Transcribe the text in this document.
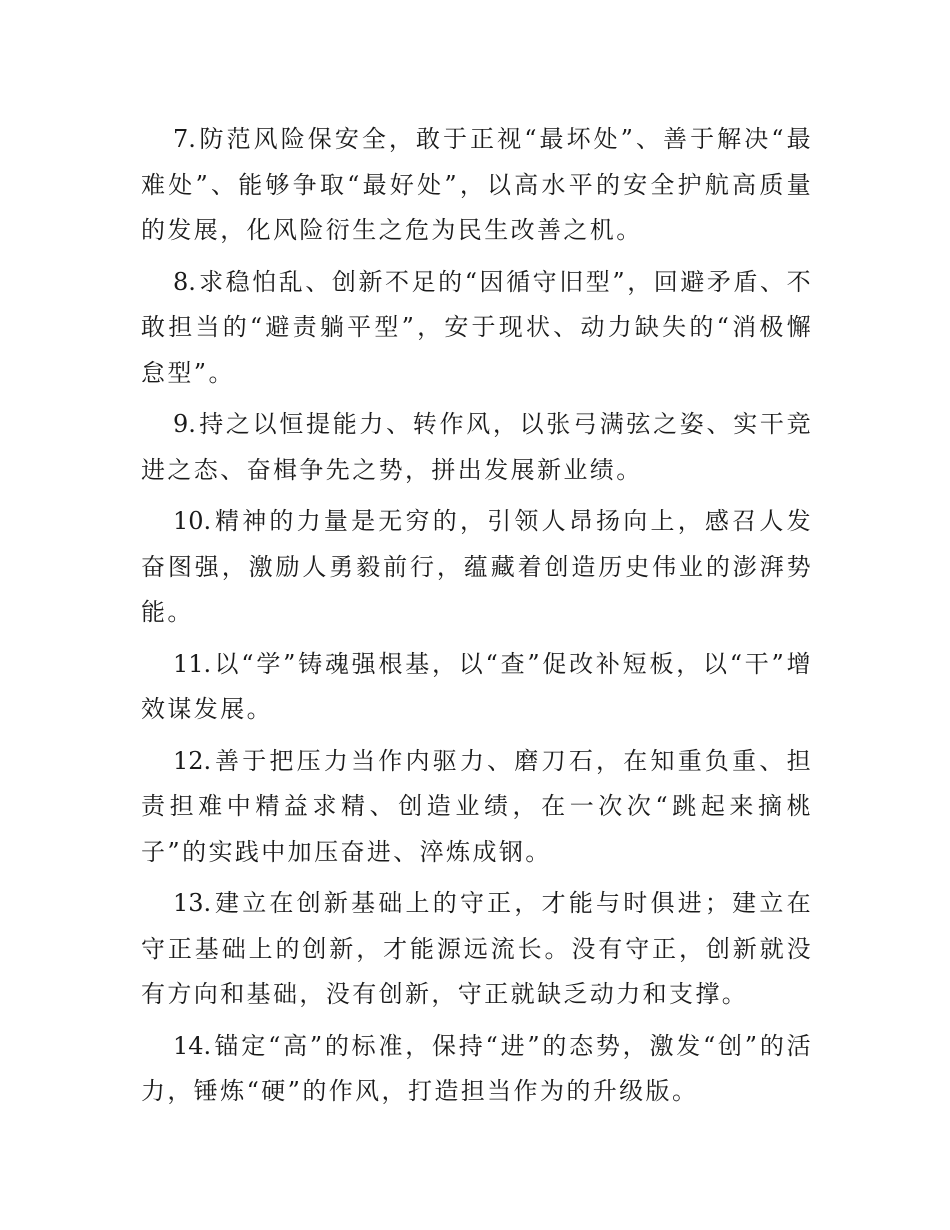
7. 防范风险保安全，敢于正视“最坏处”、善于解决“最难处”、能够争取“最好处”，以高水平的安全护航高质量的发展，化风险衍生之危为民生改善之机。

8. 求稳怕乱、创新不足的“因循守旧型”，回避矛盾、不敢担当的“避责躺平型”，安于现状、动力缺失的“消极懈怠型”。

9. 持之以恒提能力、转作风，以张弓满弦之姿、实干竞进之态、奋楫争先之势，拼出发展新业绩。

10. 精神的力量是无穷的，引领人昂扬向上，感召人发奋图强，激励人勇毅前行，蕴藏着创造历史伟业的澎湃势能。

11. 以“学”铸魂强根基，以“查”促改补短板，以“干”增效谋发展。

12. 善于把压力当作内驱力、磨刀石，在知重负重、担责担难中精益求精、创造业绩，在一次次“跳起来摘桃子”的实践中加压奋进、淬炼成钢。

13. 建立在创新基础上的守正，才能与时俱进；建立在守正基础上的创新，才能源远流长。没有守正，创新就没有方向和基础，没有创新，守正就缺乏动力和支撑。

14. 锚定“高”的标准，保持“进”的态势，激发“创”的活力，锤炼“硬”的作风，打造担当作为的升级版。
